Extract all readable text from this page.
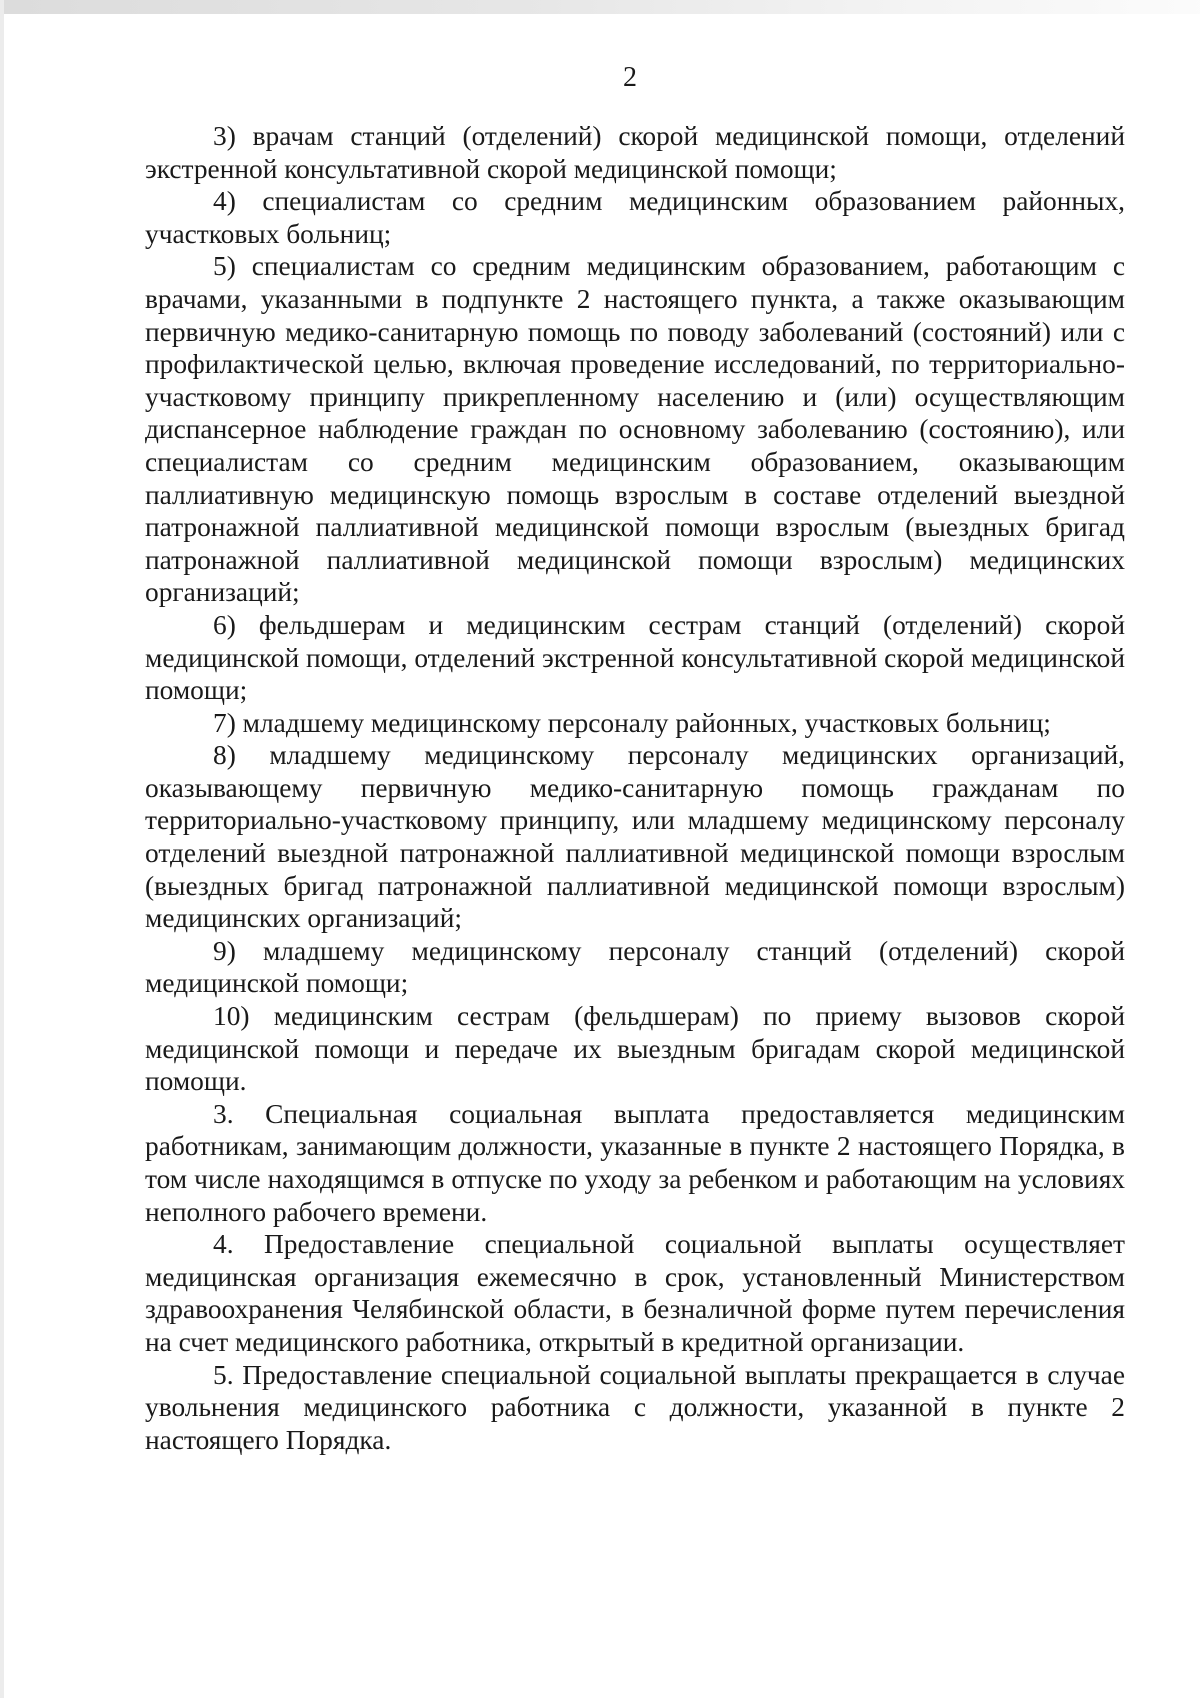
2

3) врачам станций (отделений) скорой медицинской помощи, отделений экстренной консультативной скорой медицинской помощи;

4) специалистам со средним медицинским образованием районных, участковых больниц;

5) специалистам со средним медицинским образованием, работающим с врачами, указанными в подпункте 2 настоящего пункта, а также оказывающим первичную медико-санитарную помощь по поводу заболеваний (состояний) или с профилактической целью, включая проведение исследований, по территориально-участковому принципу прикрепленному населению и (или) осуществляющим диспансерное наблюдение граждан по основному заболеванию (состоянию), или специалистам со средним медицинским образованием, оказывающим паллиативную медицинскую помощь взрослым в составе отделений выездной патронажной паллиативной медицинской помощи взрослым (выездных бригад патронажной паллиативной медицинской помощи взрослым) медицинских организаций;

6) фельдшерам и медицинским сестрам станций (отделений) скорой медицинской помощи, отделений экстренной консультативной скорой медицинской помощи;

7) младшему медицинскому персоналу районных, участковых больниц;

8) младшему медицинскому персоналу медицинских организаций, оказывающему первичную медико-санитарную помощь гражданам по территориально-участковому принципу, или младшему медицинскому персоналу отделений выездной патронажной паллиативной медицинской помощи взрослым (выездных бригад патронажной паллиативной медицинской помощи взрослым) медицинских организаций;

9) младшему медицинскому персоналу станций (отделений) скорой медицинской помощи;

10) медицинским сестрам (фельдшерам) по приему вызовов скорой медицинской помощи и передаче их выездным бригадам скорой медицинской помощи.

3. Специальная социальная выплата предоставляется медицинским работникам, занимающим должности, указанные в пункте 2 настоящего Порядка, в том числе находящимся в отпуске по уходу за ребенком и работающим на условиях неполного рабочего времени.

4. Предоставление специальной социальной выплаты осуществляет медицинская организация ежемесячно в срок, установленный Министерством здравоохранения Челябинской области, в безналичной форме путем перечисления на счет медицинского работника, открытый в кредитной организации.

5. Предоставление специальной социальной выплаты прекращается в случае увольнения медицинского работника с должности, указанной в пункте 2 настоящего Порядка.
